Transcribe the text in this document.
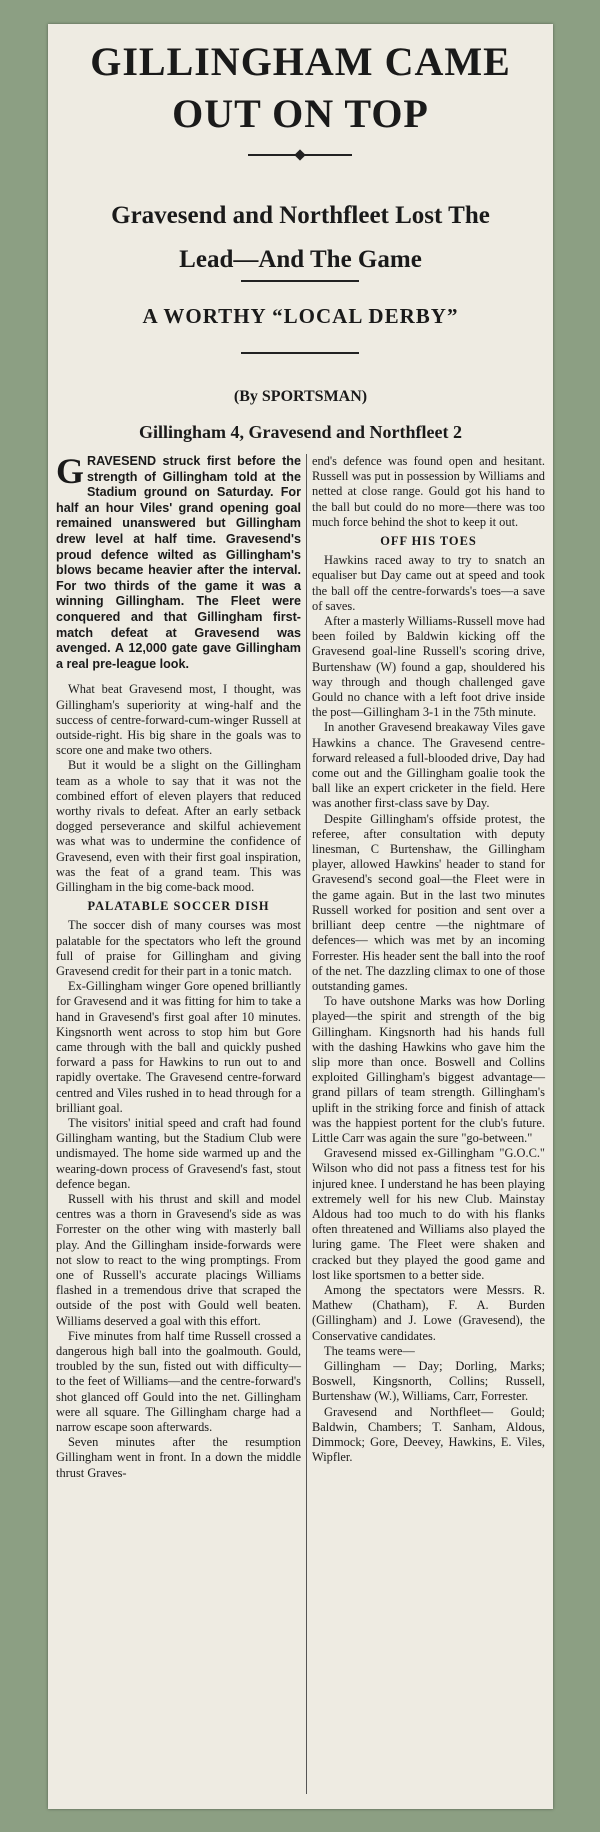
GILLINGHAM CAME
OUT ON TOP
Gravesend and Northfleet Lost The
Lead—And The Game
A WORTHY “LOCAL DERBY”
(By SPORTSMAN)
Gillingham 4, Gravesend and Northfleet 2
GRAVESEND struck first before the strength of Gillingham told at the Stadium ground on Saturday. For half an hour Viles' grand opening goal remained unanswered but Gillingham drew level at half time. Gravesend's proud defence wilted as Gillingham's blows became heavier after the interval. For two thirds of the game it was a winning Gillingham. The Fleet were conquered and that Gillingham first-match defeat at Gravesend was avenged. A 12,000 gate gave Gillingham a real pre-league look.

What beat Gravesend most, I thought, was Gillingham's superiority at wing-half and the success of centre-forward-cum-winger Russell at outside-right. His big share in the goals was to score one and make two others.

But it would be a slight on the Gillingham team as a whole to say that it was not the combined effort of eleven players that reduced worthy rivals to defeat. After an early setback dogged perseverance and skilful achievement was what was to undermine the confidence of Gravesend, even with their first goal inspiration, was the feat of a grand team. This was Gillingham in the big come-back mood.

PALATABLE SOCCER DISH

The soccer dish of many courses was most palatable for the spectators who left the ground full of praise for Gillingham and giving Gravesend credit for their part in a tonic match.

Ex-Gillingham winger Gore opened brilliantly for Gravesend and it was fitting for him to take a hand in Gravesend's first goal after 10 minutes. Kingsnorth went across to stop him but Gore came through with the ball and quickly pushed forward a pass for Hawkins to run out to and rapidly overtake. The Gravesend centre-forward centred and Viles rushed in to head through for a brilliant goal.

The visitors' initial speed and craft had found Gillingham wanting, but the Stadium Club were undismayed. The home side warmed up and the wearing-down process of Gravesend's fast, stout defence began.

Russell with his thrust and skill and model centres was a thorn in Gravesend's side as was Forrester on the other wing with masterly ball play. And the Gillingham inside-forwards were not slow to react to the wing promptings. From one of Russell's accurate placings Williams flashed in a tremendous drive that scraped the outside of the post with Gould well beaten. Williams deserved a goal with this effort.

Five minutes from half time Russell crossed a dangerous high ball into the goalmouth. Gould, troubled by the sun, fisted out with difficulty— to the feet of Williams—and the centre-forward's shot glanced off Gould into the net. Gillingham were all square. The Gillingham charge had a narrow escape soon afterwards.

Seven minutes after the resumption Gillingham went in front. In a down the middle thrust Graves-

end's defence was found open and hesitant. Russell was put in possession by Williams and netted at close range. Gould got his hand to the ball but could do no more—there was too much force behind the shot to keep it out.

OFF HIS TOES

Hawkins raced away to try to snatch an equaliser but Day came out at speed and took the ball off the centre-forwards's toes—a save of saves.

After a masterly Williams-Russell move had been foiled by Baldwin kicking off the Gravesend goal-line Russell's scoring drive, Burtenshaw (W) found a gap, shouldered his way through and though challenged gave Gould no chance with a left foot drive inside the post—Gillingham 3-1 in the 75th minute.

In another Gravesend breakaway Viles gave Hawkins a chance. The Gravesend centre-forward released a full-blooded drive, Day had come out and the Gillingham goalie took the ball like an expert cricketer in the field. Here was another first-class save by Day.

Despite Gillingham's offside protest, the referee, after consultation with deputy linesman, C Burtenshaw, the Gillingham player, allowed Hawkins' header to stand for Gravesend's second goal—the Fleet were in the game again. But in the last two minutes Russell worked for position and sent over a brilliant deep centre —the nightmare of defences— which was met by an incoming Forrester. His header sent the ball into the roof of the net. The dazzling climax to one of those outstanding games.

To have outshone Marks was how Dorling played—the spirit and strength of the big Gillingham. Kingsnorth had his hands full with the dashing Hawkins who gave him the slip more than once. Boswell and Collins exploited Gillingham's biggest advantage—grand pillars of team strength. Gillingham's uplift in the striking force and finish of attack was the happiest portent for the club's future. Little Carr was again the sure "go-between."

Gravesend missed ex-Gillingham "G.O.C." Wilson who did not pass a fitness test for his injured knee. I understand he has been playing extremely well for his new Club. Mainstay Aldous had too much to do with his flanks often threatened and Williams also played the luring game. The Fleet were shaken and cracked but they played the good game and lost like sportsmen to a better side.

Among the spectators were Messrs. R. Mathew (Chatham), F. A. Burden (Gillingham) and J. Lowe (Gravesend), the Conservative candidates.

The teams were—

Gillingham — Day; Dorling, Marks; Boswell, Kingsnorth, Collins; Russell, Burtenshaw (W.), Williams, Carr, Forrester.

Gravesend and Northfleet— Gould; Baldwin, Chambers; T. Sanham, Aldous, Dimmock; Gore, Deevey, Hawkins, E. Viles, Wipfler.
